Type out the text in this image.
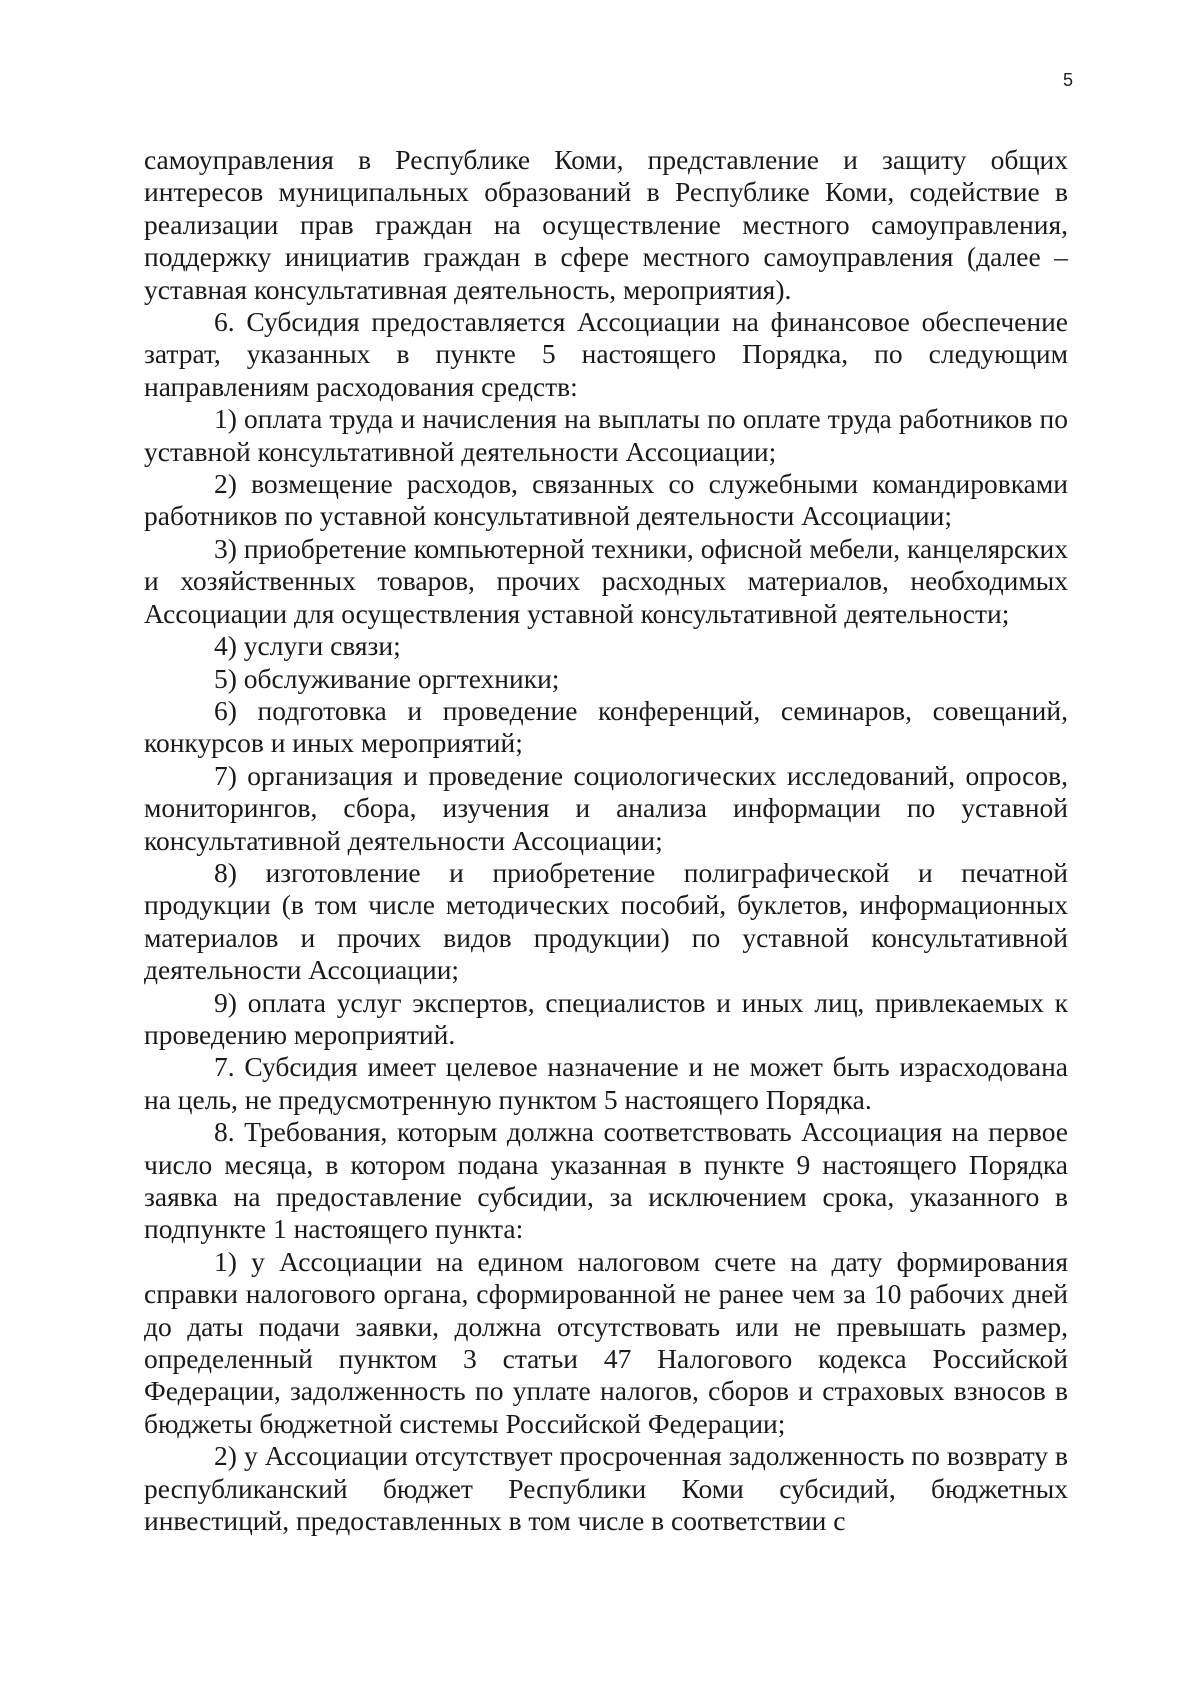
5

самоуправления в Республике Коми, представление и защиту общих интересов муниципальных образований в Республике Коми, содействие в реализации прав граждан на осуществление местного самоуправления, поддержку инициатив граждан в сфере местного самоуправления (далее – уставная консультативная деятельность, мероприятия).

6. Субсидия предоставляется Ассоциации на финансовое обеспечение затрат, указанных в пункте 5 настоящего Порядка, по следующим направлениям расходования средств:

1) оплата труда и начисления на выплаты по оплате труда работников по уставной консультативной деятельности Ассоциации;

2) возмещение расходов, связанных со служебными командировками работников по уставной консультативной деятельности Ассоциации;

3) приобретение компьютерной техники, офисной мебели, канцелярских и хозяйственных товаров, прочих расходных материалов, необходимых Ассоциации для осуществления уставной консультативной деятельности;

4) услуги связи;

5) обслуживание оргтехники;

6) подготовка и проведение конференций, семинаров, совещаний, конкурсов и иных мероприятий;

7) организация и проведение социологических исследований, опросов, мониторингов, сбора, изучения и анализа информации по уставной консультативной деятельности Ассоциации;

8) изготовление и приобретение полиграфической и печатной продукции (в том числе методических пособий, буклетов, информационных материалов и прочих видов продукции) по уставной консультативной деятельности Ассоциации;

9) оплата услуг экспертов, специалистов и иных лиц, привлекаемых к проведению мероприятий.

7. Субсидия имеет целевое назначение и не может быть израсходована на цель, не предусмотренную пунктом 5 настоящего Порядка.

8. Требования, которым должна соответствовать Ассоциация на первое число месяца, в котором подана указанная в пункте 9 настоящего Порядка заявка на предоставление субсидии, за исключением срока, указанного в подпункте 1 настоящего пункта:

1) у Ассоциации на едином налоговом счете на дату формирования справки налогового органа, сформированной не ранее чем за 10 рабочих дней до даты подачи заявки, должна отсутствовать или не превышать размер, определенный пунктом 3 статьи 47 Налогового кодекса Российской Федерации, задолженность по уплате налогов, сборов и страховых взносов в бюджеты бюджетной системы Российской Федерации;

2) у Ассоциации отсутствует просроченная задолженность по возврату в республиканский бюджет Республики Коми субсидий, бюджетных инвестиций, предоставленных в том числе в соответствии с
